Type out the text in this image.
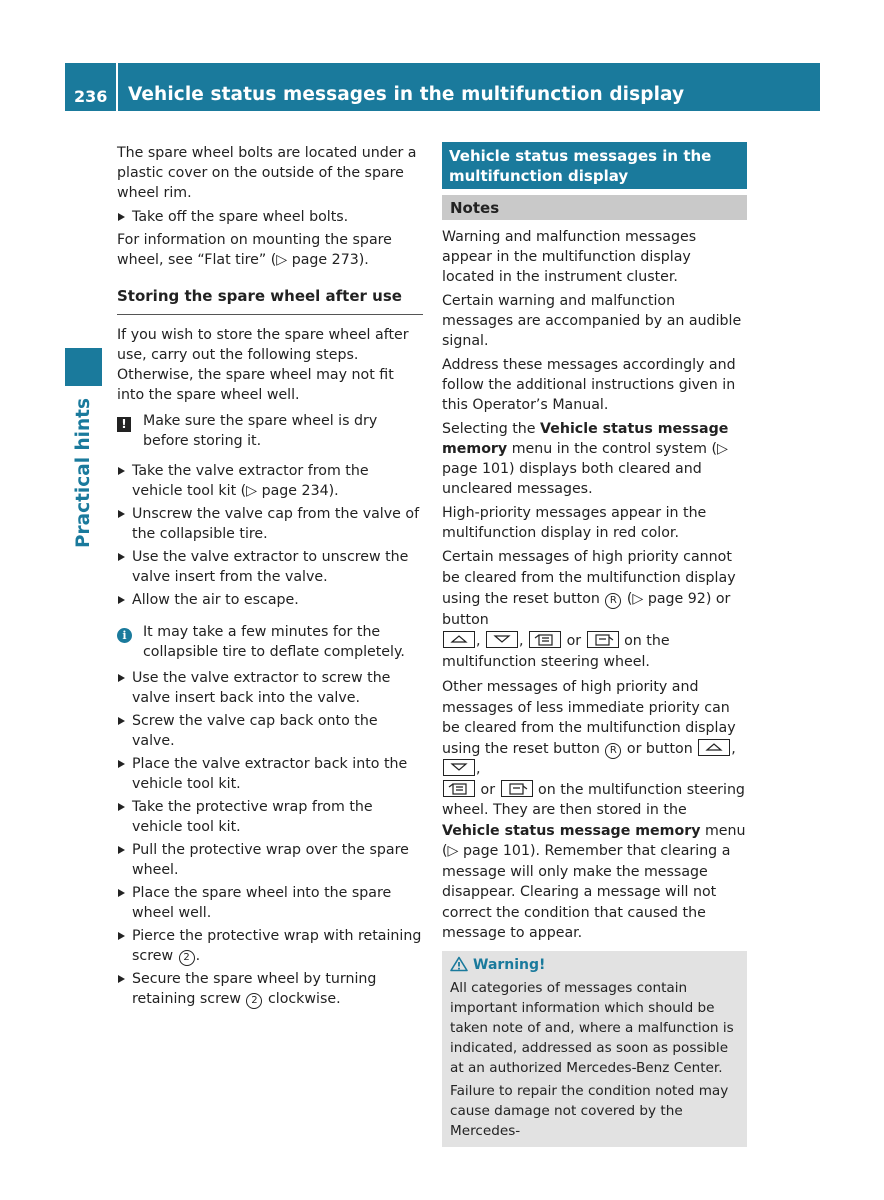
236 Vehicle status messages in the multifunction display
Practical hints

The spare wheel bolts are located under a plastic cover on the outside of the spare wheel rim.

Take off the spare wheel bolts.

For information on mounting the spare wheel, see “Flat tire” (▷ page 273).

Storing the spare wheel after use

If you wish to store the spare wheel after use, carry out the following steps. Otherwise, the spare wheel may not fit into the spare wheel well.

!	Make sure the spare wheel is dry before storing it.
Take the valve extractor from the vehicle tool kit (▷ page 234).
Unscrew the valve cap from the valve of the collapsible tire.
Use the valve extractor to unscrew the valve insert from the valve.
Allow the air to escape.
i	It may take a few minutes for the collapsible tire to deflate completely.
Use the valve extractor to screw the valve insert back into the valve.
Screw the valve cap back onto the valve.
Place the valve extractor back into the vehicle tool kit.
Take the protective wrap from the vehicle tool kit.
Pull the protective wrap over the spare wheel.
Place the spare wheel into the spare wheel well.
Pierce the protective wrap with retaining screw 2 .
Secure the spare wheel by turning retaining screw 2 clockwise.
Vehicle status messages in the multifunction display
Notes

Warning and malfunction messages appear in the multifunction display located in the instrument cluster.

Certain warning and malfunction messages are accompanied by an audible signal.

Address these messages accordingly and follow the additional instructions given in this Operator’s Manual.

Selecting the Vehicle status message memory menu in the control system (▷ page 101) displays both cleared and uncleared messages.

High-priority messages appear in the multifunction display in red color.

Certain messages of high priority cannot be cleared from the multifunction display using the reset button R (▷ page 92) or button

,	,	or	on the multifunction steering wheel.

Other messages of high priority and messages of less immediate priority can be cleared from the multifunction display using the reset button R or button
,
,

or	on the multifunction steering wheel. They are then stored in the Vehicle status message memory menu (▷ page 101). Remember that clearing a message will only make the message disappear. Clearing a message will not correct the condition that caused the message to appear.

Warning!

All categories of messages contain important information which should be taken note of and, where a malfunction is indicated, addressed as soon as possible at an authorized Mercedes-Benz Center.

Failure to repair the condition noted may cause damage not covered by the Mercedes-
